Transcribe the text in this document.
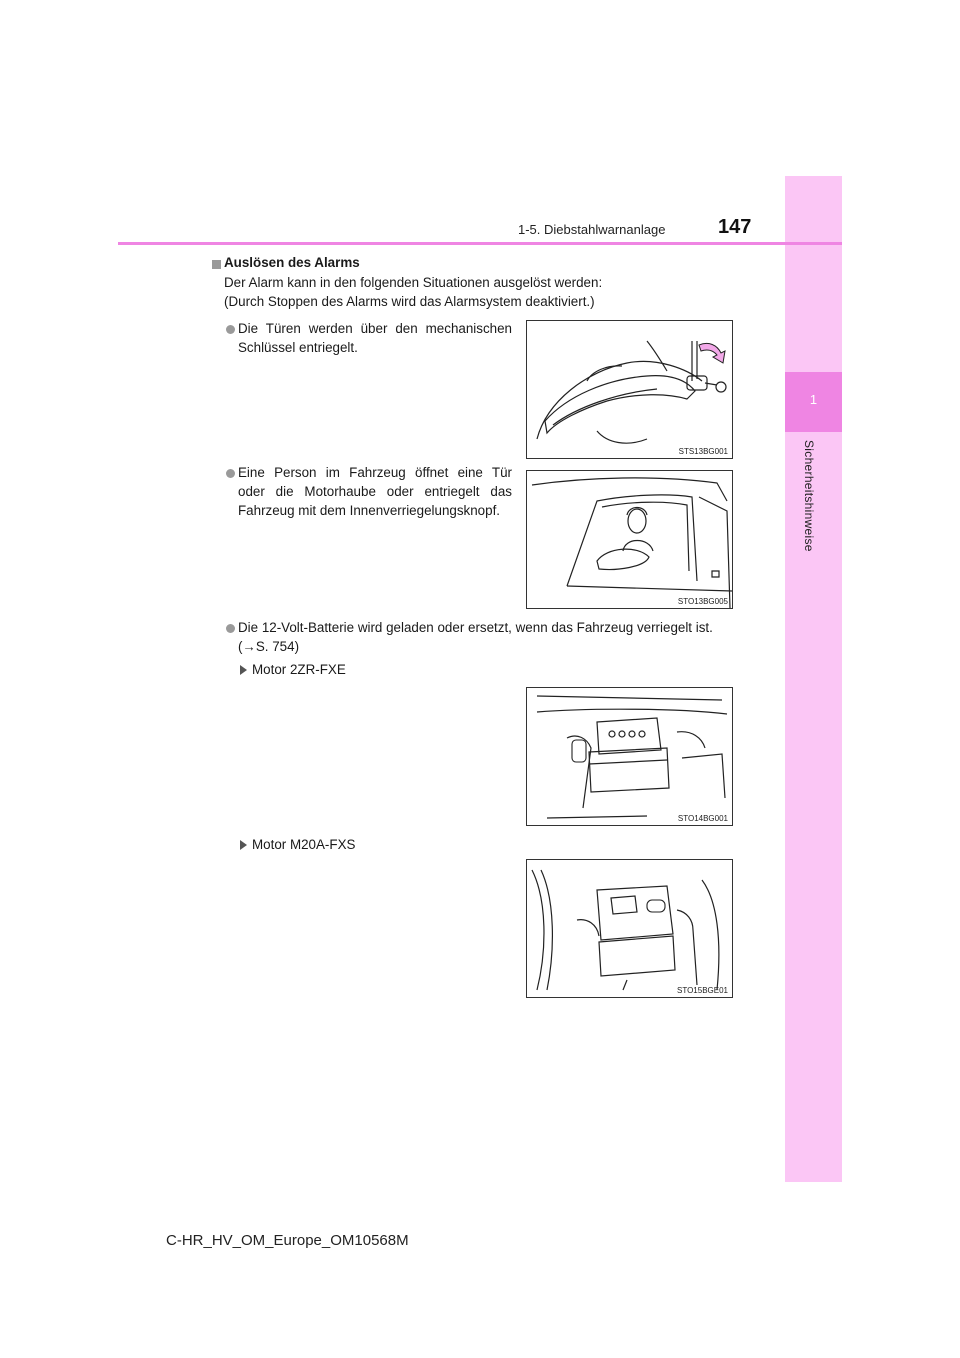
1
Sicherheitshinweise
1-5. Diebstahlwarnanlage	147
Auslösen des Alarms
Der Alarm kann in den folgenden Situationen ausgelöst werden:
(Durch Stoppen des Alarms wird das Alarmsystem deaktiviert.)
Die Türen werden über den mechanischen
Schlüssel entriegelt.
Eine Person im Fahrzeug öffnet eine Tür
oder die Motorhaube oder entriegelt das
Fahrzeug mit dem Innenverriegelungsknopf.
Die 12-Volt-Batterie wird geladen oder ersetzt, wenn das Fahrzeug verriegelt ist.
(→S. 754)
Motor 2ZR-FXE
Motor M20A-FXS
STS13BG001
STO13BG005
STO14BG001
STO15BGE01
C-HR_HV_OM_Europe_OM10568M
